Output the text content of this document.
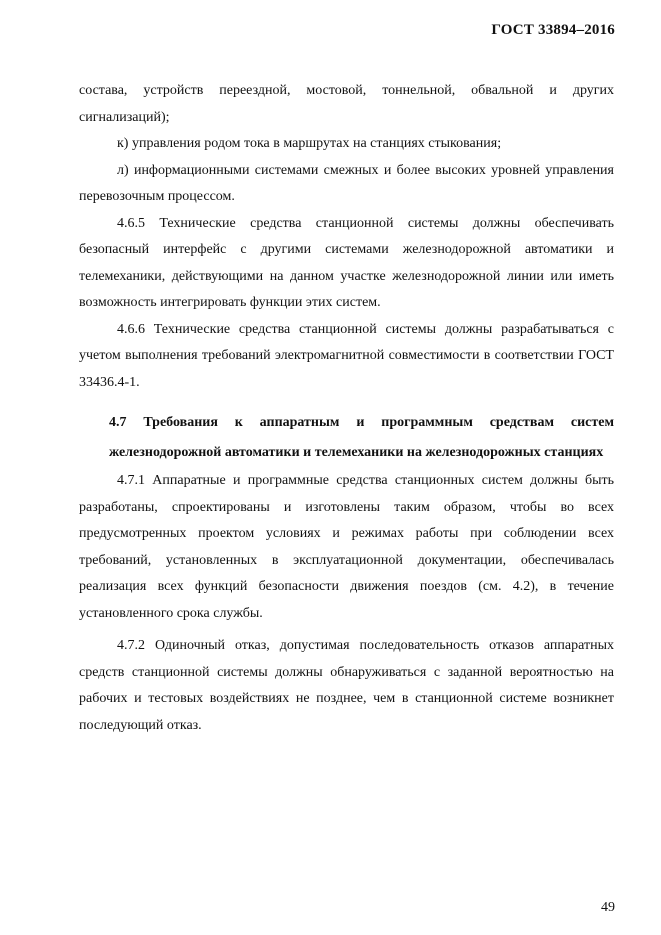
ГОСТ 33894–2016

состава, устройств переездной, мостовой, тоннельной, обвальной и других сигнализаций);

к) управления родом тока в маршрутах на станциях стыкования;

л) информационными системами смежных и более высоких уровней управления перевозочным процессом.

4.6.5 Технические средства станционной системы должны обеспечивать безопасный интерфейс с другими системами железнодорожной автоматики и телемеханики, действующими на данном участке железнодорожной линии или иметь возможность интегрировать функции этих систем.

4.6.6 Технические средства станционной системы должны разрабатываться с учетом выполнения требований электромагнитной совместимости в соответствии ГОСТ 33436.4-1.

4.7 Требования к аппаратным и программным средствам систем железнодорожной автоматики и телемеханики на железнодорожных станциях

4.7.1 Аппаратные и программные средства станционных систем должны быть разработаны, спроектированы и изготовлены таким образом, чтобы во всех предусмотренных проектом условиях и режимах работы при соблюдении всех требований, установленных в эксплуатационной документации, обеспечивалась реализация всех функций безопасности движения поездов (см. 4.2), в течение установленного срока службы.

4.7.2 Одиночный отказ, допустимая последовательность отказов аппаратных средств станционной системы должны обнаруживаться с заданной вероятностью на рабочих и тестовых воздействиях не позднее, чем в станционной системе возникнет последующий отказ.

49
